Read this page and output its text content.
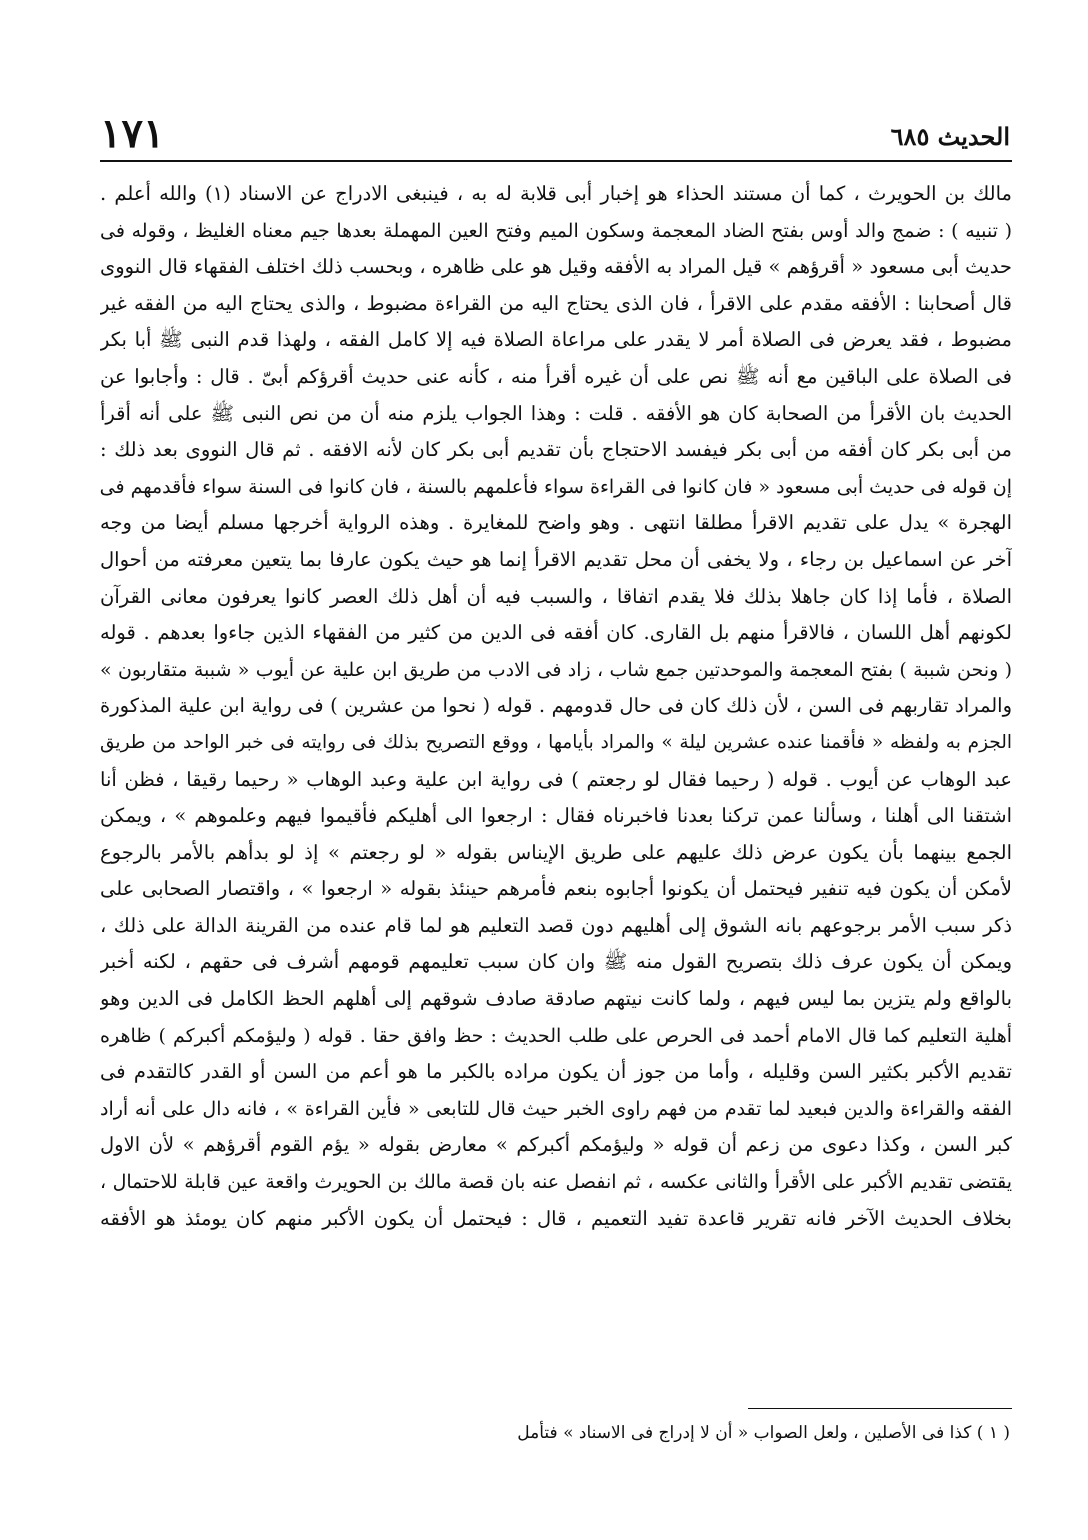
الحديث ٦٨٥
١٧١
مالك بن الحويرث ، كما أن مستند الحذاء هو إخبار أبى قلابة له به ، فينبغى الادراج عن الاسناد (١) والله أعلم .
( تنبيه ) : ضمج والد أوس بفتح الضاد المعجمة وسكون الميم وفتح العين المهملة بعدها جيم معناه الغليظ ، وقوله فى
حديث أبى مسعود « أقرؤهم » قيل المراد به الأفقه وقيل هو على ظاهره ، وبحسب ذلك اختلف الفقهاء قال النووى
قال أصحابنا : الأفقه مقدم على الاقرأ ، فان الذى يحتاج اليه من القراءة مضبوط ، والذى يحتاج اليه من الفقه غير
مضبوط ، فقد يعرض فى الصلاة أمر لا يقدر على مراعاة الصلاة فيه إلا كامل الفقه ، ولهذا قدم النبى ﷺ أبا بكر
فى الصلاة على الباقين مع أنه ﷺ نص على أن غيره أقرأ منه ، كأنه عنى حديث أقرؤكم أبىّ . قال : وأجابوا عن
الحديث بان الأقرأ من الصحابة كان هو الأفقه . قلت : وهذا الجواب يلزم منه أن من نص النبى ﷺ على أنه أقرأ
من أبى بكر كان أفقه من أبى بكر فيفسد الاحتجاج بأن تقديم أبى بكر كان لأنه الافقه . ثم قال النووى بعد ذلك :
إن قوله فى حديث أبى مسعود « فان كانوا فى القراءة سواء فأعلمهم بالسنة ، فان كانوا فى السنة سواء فأقدمهم فى
الهجرة » يدل على تقديم الاقرأ مطلقا انتهى . وهو واضح للمغايرة . وهذه الرواية أخرجها مسلم أيضا من وجه
آخر عن اسماعيل بن رجاء ، ولا يخفى أن محل تقديم الاقرأ إنما هو حيث يكون عارفا بما يتعين معرفته من أحوال
الصلاة ، فأما إذا كان جاهلا بذلك فلا يقدم اتفاقا ، والسبب فيه أن أهل ذلك العصر كانوا يعرفون معانى القرآن
لكونهم أهل اللسان ، فالاقرأ منهم بل القارى. كان أفقه فى الدين من كثير من الفقهاء الذين جاءوا بعدهم . قوله
( ونحن شببة ) بفتح المعجمة والموحدتين جمع شاب ، زاد فى الادب من طريق ابن علية عن أيوب « شببة متقاربون »
والمراد تقاربهم فى السن ، لأن ذلك كان فى حال قدومهم . قوله ( نحوا من عشرين ) فى رواية ابن علية المذكورة
الجزم به ولفظه « فأقمنا عنده عشرين ليلة » والمراد بأيامها ، ووقع التصريح بذلك فى روايته فى خبر الواحد من طريق
عبد الوهاب عن أيوب . قوله ( رحيما فقال لو رجعتم ) فى رواية ابن علية وعبد الوهاب « رحيما رقيقا ، فظن أنا
اشتقنا الى أهلنا ، وسألنا عمن تركنا بعدنا فاخبرناه فقال : ارجعوا الى أهليكم فأقيموا فيهم وعلموهم » ، ويمكن
الجمع بينهما بأن يكون عرض ذلك عليهم على طريق الإيناس بقوله « لو رجعتم » إذ لو بدأهم بالأمر بالرجوع
لأمكن أن يكون فيه تنفير فيحتمل أن يكونوا أجابوه بنعم فأمرهم حينئذ بقوله « ارجعوا » ، واقتصار الصحابى على
ذكر سبب الأمر برجوعهم بانه الشوق إلى أهليهم دون قصد التعليم هو لما قام عنده من القرينة الدالة على ذلك ،
ويمكن أن يكون عرف ذلك بتصريح القول منه ﷺ وان كان سبب تعليمهم قومهم أشرف فى حقهم ، لكنه أخبر
بالواقع ولم يتزين بما ليس فيهم ، ولما كانت نيتهم صادقة صادف شوقهم إلى أهلهم الحظ الكامل فى الدين وهو
أهلية التعليم كما قال الامام أحمد فى الحرص على طلب الحديث : حظ وافق حقا . قوله ( وليؤمكم أكبركم ) ظاهره
تقديم الأكبر بكثير السن وقليله ، وأما من جوز أن يكون مراده بالكبر ما هو أعم من السن أو القدر كالتقدم فى
الفقه والقراءة والدين فبعيد لما تقدم من فهم راوى الخبر حيث قال للتابعى « فأين القراءة » ، فانه دال على أنه أراد
كبر السن ، وكذا دعوى من زعم أن قوله « وليؤمكم أكبركم » معارض بقوله « يؤم القوم أقرؤهم » لأن الاول
يقتضى تقديم الأكبر على الأقرأ والثانى عكسه ، ثم انفصل عنه بان قصة مالك بن الحويرث واقعة عين قابلة للاحتمال ،
بخلاف الحديث الآخر فانه تقرير قاعدة تفيد التعميم ، قال : فيحتمل أن يكون الأكبر منهم كان يومئذ هو الأفقه
( ١ ) كذا فى الأصلين ، ولعل الصواب « أن لا إدراج فى الاسناد » فتأمل
